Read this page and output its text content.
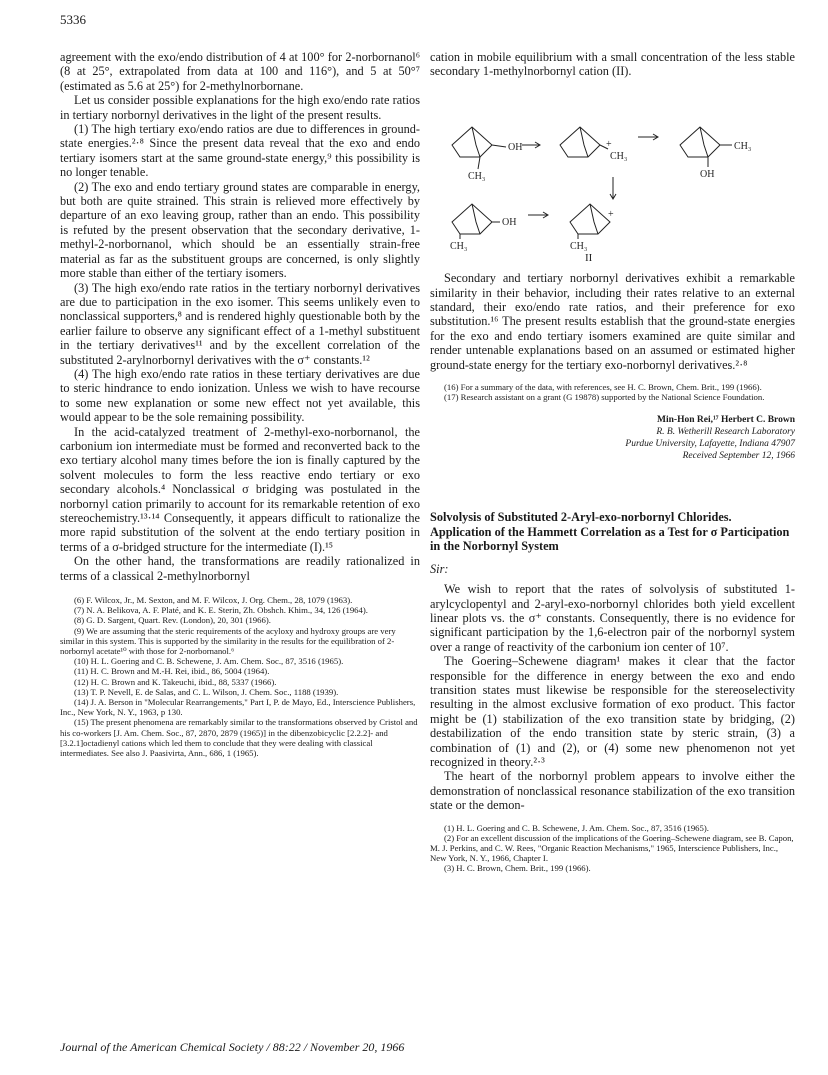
5336

agreement with the exo/endo distribution of 4 at 100° for 2-norbornanol⁶ (8 at 25°, extrapolated from data at 100 and 116°), and 5 at 50°⁷ (estimated as 5.6 at 25°) for 2-methylnorbornane.

Let us consider possible explanations for the high exo/endo rate ratios in tertiary norbornyl derivatives in the light of the present results.

(1) The high tertiary exo/endo ratios are due to differences in ground-state energies.²·⁸ Since the present data reveal that the exo and endo tertiary isomers start at the same ground-state energy,⁹ this possibility is no longer tenable.

(2) The exo and endo tertiary ground states are comparable in energy, but both are quite strained. This strain is relieved more effectively by departure of an exo leaving group, rather than an endo. This possibility is refuted by the present observation that the secondary derivative, 1-methyl-2-norbornanol, which should be an essentially strain-free material as far as the substituent groups are concerned, is only slightly more stable than either of the tertiary isomers.

(3) The high exo/endo rate ratios in the tertiary norbornyl derivatives are due to participation in the exo isomer. This seems unlikely even to nonclassical supporters,⁸ and is rendered highly questionable both by the earlier failure to observe any significant effect of a 1-methyl substituent in the tertiary derivatives¹¹ and by the excellent correlation of the substituted 2-arylnorbornyl derivatives with the σ⁺ constants.¹²

(4) The high exo/endo rate ratios in these tertiary derivatives are due to steric hindrance to endo ionization. Unless we wish to have recourse to some new explanation or some new effect not yet available, this would appear to be the sole remaining possibility.

In the acid-catalyzed treatment of 2-methyl-exo-norbornanol, the carbonium ion intermediate must be formed and reconverted back to the exo tertiary alcohol many times before the ion is finally captured by the solvent molecules to form the less reactive endo tertiary or exo secondary alcohols.⁴ Nonclassical σ bridging was postulated in the norbornyl cation primarily to account for its remarkable retention of exo stereochemistry.¹³·¹⁴ Consequently, it appears difficult to rationalize the more rapid substitution of the solvent at the endo tertiary position in terms of a σ-bridged structure for the intermediate (I).¹⁵

On the other hand, the transformations are readily rationalized in terms of a classical 2-methylnorbornyl

(6) F. Wilcox, Jr., M. Sexton, and M. F. Wilcox, J. Org. Chem., 28, 1079 (1963).

(7) N. A. Belikova, A. F. Platé, and K. E. Sterin, Zh. Obshch. Khim., 34, 126 (1964).

(8) G. D. Sargent, Quart. Rev. (London), 20, 301 (1966).

(9) We are assuming that the steric requirements of the acyloxy and hydroxy groups are very similar in this system. This is supported by the similarity in the results for the equilibration of 2-norbornyl acetate¹⁰ with those for 2-norbornanol.⁶

(10) H. L. Goering and C. B. Schewene, J. Am. Chem. Soc., 87, 3516 (1965).

(11) H. C. Brown and M.-H. Rei, ibid., 86, 5004 (1964).

(12) H. C. Brown and K. Takeuchi, ibid., 88, 5337 (1966).

(13) T. P. Nevell, E. de Salas, and C. L. Wilson, J. Chem. Soc., 1188 (1939).

(14) J. A. Berson in "Molecular Rearrangements," Part I, P. de Mayo, Ed., Interscience Publishers, Inc., New York, N. Y., 1963, p 130.

(15) The present phenomena are remarkably similar to the transformations observed by Cristol and his co-workers [J. Am. Chem. Soc., 87, 2870, 2879 (1965)] in the dibenzobicyclic [2.2.2]- and [3.2.1]octadienyl cations which led them to conclude that they were dealing with classical intermediates. See also J. Paasivirta, Ann., 686, 1 (1965).

cation in mobile equilibrium with a small concentration of the less stable secondary 1-methylnorbornyl cation (II).

OH
CH₃
CH₃
CH₃
OH
OH
CH₃	CH₃
+
+
II

Secondary and tertiary norbornyl derivatives exhibit a remarkable similarity in their behavior, including their rates relative to an external standard, their exo/endo rate ratios, and their preference for exo substitution.¹⁶ The present results establish that the ground-state energies for the exo and endo tertiary isomers examined are quite similar and render untenable explanations based on an assumed or estimated higher ground-state energy for the tertiary exo-norbornyl derivatives.²·⁸

(16) For a summary of the data, with references, see H. C. Brown, Chem. Brit., 199 (1966).

(17) Research assistant on a grant (G 19878) supported by the National Science Foundation.

Min-Hon Rei,¹⁷ Herbert C. Brown
R. B. Wetherill Research Laboratory
Purdue University, Lafayette, Indiana 47907
Received September 12, 1966
Solvolysis of Substituted 2-Aryl-exo-norbornyl Chlorides. Application of the Hammett Correlation as a Test for σ Participation in the Norbornyl System
Sir:

We wish to report that the rates of solvolysis of substituted 1-arylcyclopentyl and 2-aryl-exo-norbornyl chlorides both yield excellent linear plots vs. the σ⁺ constants. Consequently, there is no evidence for significant participation by the 1,6-electron pair of the norbornyl system over a range of reactivity of the carbonium ion center of 10⁷.

The Goering–Schewene diagram¹ makes it clear that the factor responsible for the difference in energy between the exo and endo transition states must likewise be responsible for the stereoselectivity resulting in the almost exclusive formation of exo product. This factor might be (1) stabilization of the exo transition state by bridging, (2) destabilization of the endo transition state by steric strain, (3) a combination of (1) and (2), or (4) some new phenomenon not yet recognized in theory.²·³

The heart of the norbornyl problem appears to involve either the demonstration of nonclassical resonance stabilization of the exo transition state or the demon-

(1) H. L. Goering and C. B. Schewene, J. Am. Chem. Soc., 87, 3516 (1965).

(2) For an excellent discussion of the implications of the Goering–Schewene diagram, see B. Capon, M. J. Perkins, and C. W. Rees, "Organic Reaction Mechanisms," 1965, Interscience Publishers, Inc., New York, N. Y., 1966, Chapter I.

(3) H. C. Brown, Chem. Brit., 199 (1966).

Journal of the American Chemical Society / 88:22 / November 20, 1966
